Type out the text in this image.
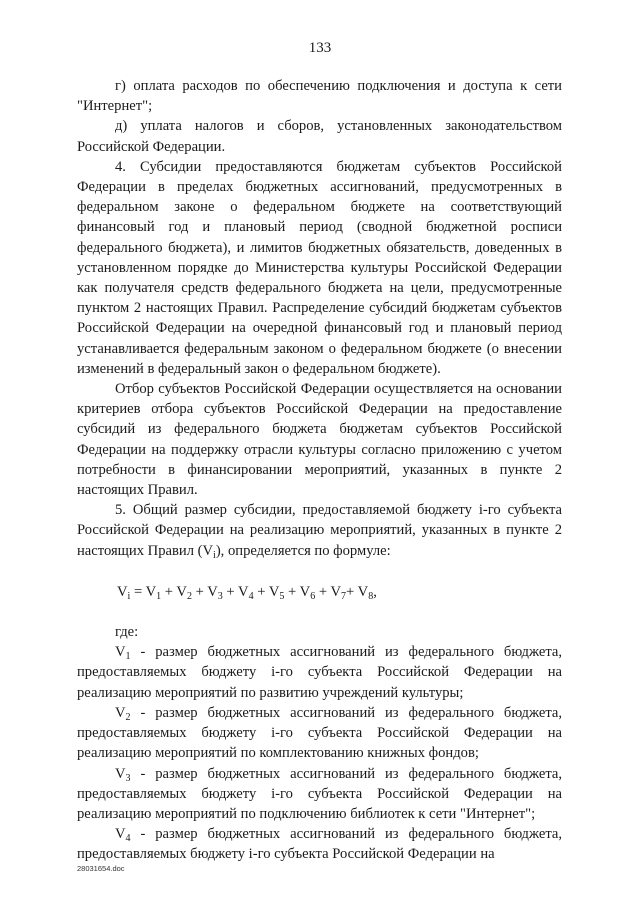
133

г) оплата расходов по обеспечению подключения и доступа к сети "Интернет";

д) уплата налогов и сборов, установленных законодательством Российской Федерации.

4. Субсидии предоставляются бюджетам субъектов Российской Федерации в пределах бюджетных ассигнований, предусмотренных в федеральном законе о федеральном бюджете на соответствующий финансовый год и плановый период (сводной бюджетной росписи федерального бюджета), и лимитов бюджетных обязательств, доведенных в установленном порядке до Министерства культуры Российской Федерации как получателя средств федерального бюджета на цели, предусмотренные пунктом 2 настоящих Правил. Распределение субсидий бюджетам субъектов Российской Федерации на очередной финансовый год и плановый период устанавливается федеральным законом о федеральном бюджете (о внесении изменений в федеральный закон о федеральном бюджете).

Отбор субъектов Российской Федерации осуществляется на основании критериев отбора субъектов Российской Федерации на предоставление субсидий из федерального бюджета бюджетам субъектов Российской Федерации на поддержку отрасли культуры согласно приложению с учетом потребности в финансировании мероприятий, указанных в пункте 2 настоящих Правил.

5. Общий размер субсидии, предоставляемой бюджету i-го субъекта Российской Федерации на реализацию мероприятий, указанных в пункте 2 настоящих Правил $(V_i)$, определяется по формуле:

$V_i = V_1 + V_2 + V_3 + V_4 + V_5 + V_6 + V_7+ V_8$,

где:

$V_1$ - размер бюджетных ассигнований из федерального бюджета, предоставляемых бюджету i-го субъекта Российской Федерации на реализацию мероприятий по развитию учреждений культуры;

$V_2$ - размер бюджетных ассигнований из федерального бюджета, предоставляемых бюджету i-го субъекта Российской Федерации на реализацию мероприятий по комплектованию книжных фондов;

$V_3$ - размер бюджетных ассигнований из федерального бюджета, предоставляемых бюджету i-го субъекта Российской Федерации на реализацию мероприятий по подключению библиотек к сети "Интернет";

$V_4$ - размер бюджетных ассигнований из федерального бюджета, предоставляемых бюджету i-го субъекта Российской Федерации на

28031654.doc
